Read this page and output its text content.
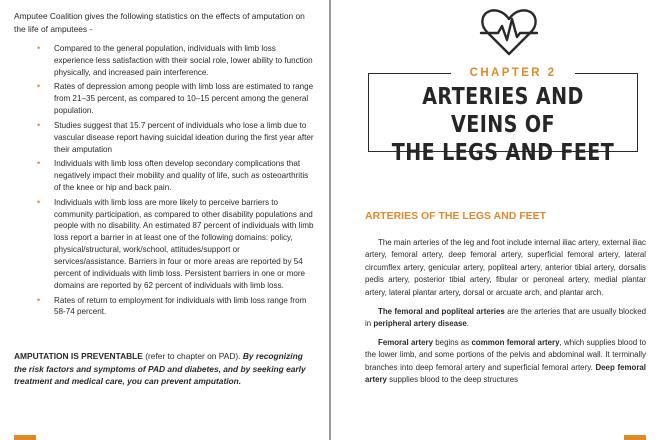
Amputee Coalition gives the following statistics on the effects of amputation on the life of amputees -

• Compared to the general population, individuals with limb loss experience less satisfaction with their social role, lower ability to function physically, and increased pain interference.
• Rates of depression among people with limb loss are estimated to range from 21–35 percent, as compared to 10–15 percent among the general population.
• Studies suggest that 15.7 percent of individuals who lose a limb due to vascular disease report having suicidal ideation during the first year after their amputation
• Individuals with limb loss often develop secondary complications that negatively impact their mobility and quality of life, such as osteoarthritis of the knee or hip and back pain.
• Individuals with limb loss are more likely to perceive barriers to community participation, as compared to other disability populations and people with no disability. An estimated 87 percent of individuals with limb loss report a barrier in at least one of the following domains: policy, physical/structural, work/school, attitudes/support or services/assistance. Barriers in four or more areas are reported by 54 percent of individuals with limb loss. Persistent barriers in one or more domains are reported by 62 percent of individuals with limb loss.
• Rates of return to employment for individuals with limb loss range from 58-74 percent.

AMPUTATION IS PREVENTABLE (refer to chapter on PAD). By recognizing the risk factors and symptoms of PAD and diabetes, and by seeking early treatment and medical care, you can prevent amputation.

CHAPTER 2
ARTERIES AND VEINS OF
THE LEGS AND FEET
ARTERIES OF THE LEGS AND FEET

The main arteries of the leg and foot include internal iliac artery, external iliac artery, femoral artery, deep femoral artery, superficial femoral artery, lateral circumflex artery, genicular artery, popliteal artery, anterior tibial artery, dorsalis pedis artery, posterior tibial artery, fibular or peroneal artery, medial plantar artery, lateral plantar artery, dorsal or arcuate arch, and plantar arch.

The femoral and popliteal arteries are the arteries that are usually blocked in peripheral artery disease.

Femoral artery begins as common femoral artery, which supplies blood to the lower limb, and some portions of the pelvis and abdominal wall. It terminally branches into deep femoral artery and superficial femoral artery. Deep femoral artery supplies blood to the deep structures
